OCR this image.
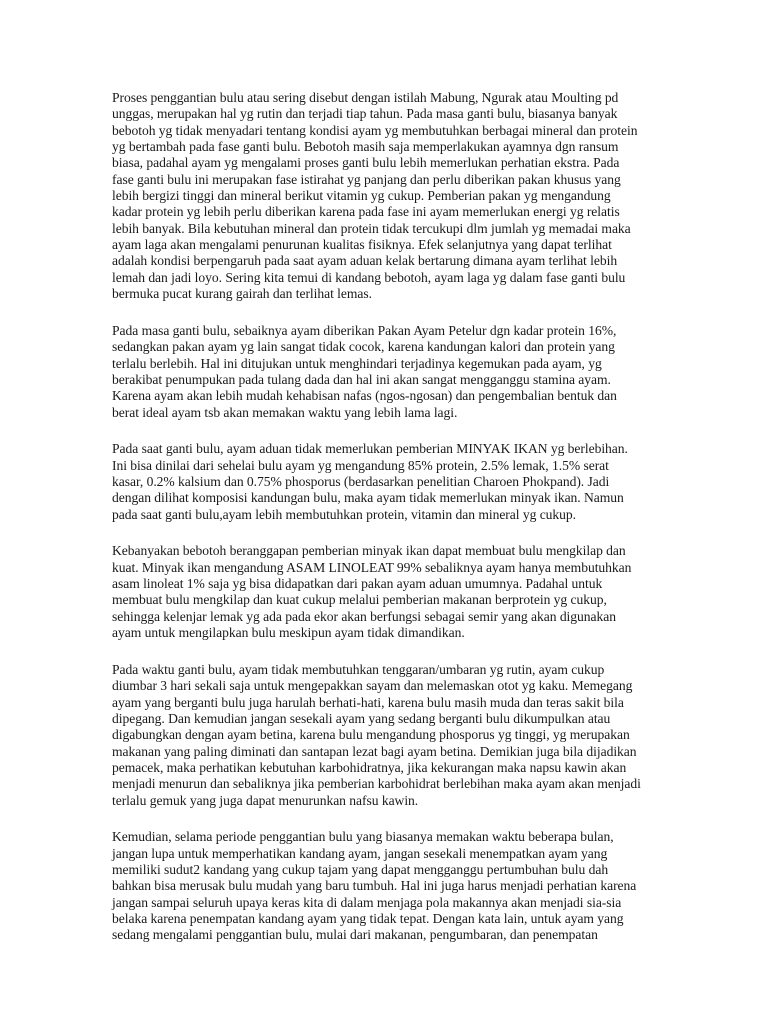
Proses penggantian bulu atau sering disebut dengan istilah Mabung, Ngurak atau Moulting pd
unggas, merupakan hal yg rutin dan terjadi tiap tahun. Pada masa ganti bulu, biasanya banyak
bebotoh yg tidak menyadari tentang kondisi ayam yg membutuhkan berbagai mineral dan protein
yg bertambah pada fase ganti bulu. Bebotoh masih saja memperlakukan ayamnya dgn ransum
biasa, padahal ayam yg mengalami proses ganti bulu lebih memerlukan perhatian ekstra. Pada
fase ganti bulu ini merupakan fase istirahat yg panjang dan perlu diberikan pakan khusus yang
lebih bergizi tinggi dan mineral berikut vitamin yg cukup. Pemberian pakan yg mengandung
kadar protein yg lebih perlu diberikan karena pada fase ini ayam memerlukan energi yg relatis
lebih banyak. Bila kebutuhan mineral dan protein tidak tercukupi dlm jumlah yg memadai maka
ayam laga akan mengalami penurunan kualitas fisiknya. Efek selanjutnya yang dapat terlihat
adalah kondisi berpengaruh pada saat ayam aduan kelak bertarung dimana ayam terlihat lebih
lemah dan jadi loyo. Sering kita temui di kandang bebotoh, ayam laga yg dalam fase ganti bulu
bermuka pucat kurang gairah dan terlihat lemas.

Pada masa ganti bulu, sebaiknya ayam diberikan Pakan Ayam Petelur dgn kadar protein 16%,
sedangkan pakan ayam yg lain sangat tidak cocok, karena kandungan kalori dan protein yang
terlalu berlebih. Hal ini ditujukan untuk menghindari terjadinya kegemukan pada ayam, yg
berakibat penumpukan pada tulang dada dan hal ini akan sangat mengganggu stamina ayam.
Karena ayam akan lebih mudah kehabisan nafas (ngos-ngosan) dan pengembalian bentuk dan
berat ideal ayam tsb akan memakan waktu yang lebih lama lagi.

Pada saat ganti bulu, ayam aduan tidak memerlukan pemberian MINYAK IKAN yg berlebihan.
Ini bisa dinilai dari sehelai bulu ayam yg mengandung 85% protein, 2.5% lemak, 1.5% serat
kasar, 0.2% kalsium dan 0.75% phosporus (berdasarkan penelitian Charoen Phokpand). Jadi
dengan dilihat komposisi kandungan bulu, maka ayam tidak memerlukan minyak ikan. Namun
pada saat ganti bulu,ayam lebih membutuhkan protein, vitamin dan mineral yg cukup.

Kebanyakan bebotoh beranggapan pemberian minyak ikan dapat membuat bulu mengkilap dan
kuat. Minyak ikan mengandung ASAM LINOLEAT 99% sebaliknya ayam hanya membutuhkan
asam linoleat 1% saja yg bisa didapatkan dari pakan ayam aduan umumnya. Padahal untuk
membuat bulu mengkilap dan kuat cukup melalui pemberian makanan berprotein yg cukup,
sehingga kelenjar lemak yg ada pada ekor akan berfungsi sebagai semir yang akan digunakan
ayam untuk mengilapkan bulu meskipun ayam tidak dimandikan.

Pada waktu ganti bulu, ayam tidak membutuhkan tenggaran/umbaran yg rutin, ayam cukup
diumbar 3 hari sekali saja untuk mengepakkan sayam dan melemaskan otot yg kaku. Memegang
ayam yang berganti bulu juga harulah berhati-hati, karena bulu masih muda dan teras sakit bila
dipegang. Dan kemudian jangan sesekali ayam yang sedang berganti bulu dikumpulkan atau
digabungkan dengan ayam betina, karena bulu mengandung phosporus yg tinggi, yg merupakan
makanan yang paling diminati dan santapan lezat bagi ayam betina. Demikian juga bila dijadikan
pemacek, maka perhatikan kebutuhan karbohidratnya, jika kekurangan maka napsu kawin akan
menjadi menurun dan sebaliknya jika pemberian karbohidrat berlebihan maka ayam akan menjadi
terlalu gemuk yang juga dapat menurunkan nafsu kawin.

Kemudian, selama periode penggantian bulu yang biasanya memakan waktu beberapa bulan,
jangan lupa untuk memperhatikan kandang ayam, jangan sesekali menempatkan ayam yang
memiliki sudut2 kandang yang cukup tajam yang dapat mengganggu pertumbuhan bulu dah
bahkan bisa merusak bulu mudah yang baru tumbuh. Hal ini juga harus menjadi perhatian karena
jangan sampai seluruh upaya keras kita di dalam menjaga pola makannya akan menjadi sia-sia
belaka karena penempatan kandang ayam yang tidak tepat. Dengan kata lain, untuk ayam yang
sedang mengalami penggantian bulu, mulai dari makanan, pengumbaran, dan penempatan
